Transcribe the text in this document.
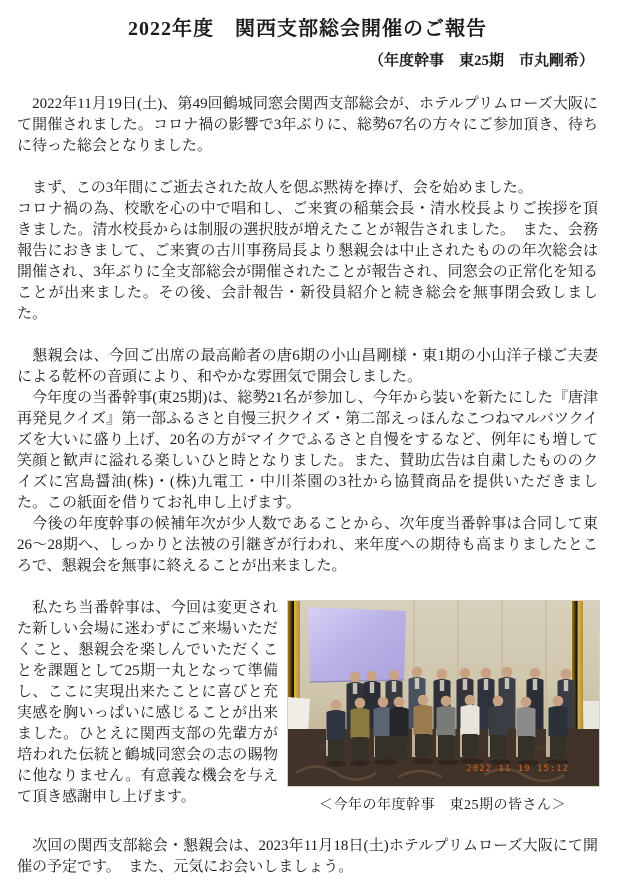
2022年度　関西支部総会開催のご報告
（年度幹事　東25期　市丸剛希）

　2022年11月19日(土)、第49回鶴城同窓会関西支部総会が、ホテルプリムローズ大阪にて開催されました。コロナ禍の影響で3年ぶりに、総勢67名の方々にご参加頂き、待ちに待った総会となりました。

　まず、この3年間にご逝去された故人を偲ぶ黙祷を捧げ、会を始めました。

コロナ禍の為、校歌を心の中で唱和し、ご来賓の稲葉会長・清水校長よりご挨拶を頂きました。清水校長からは制服の選択肢が増えたことが報告されました。　また、会務報告におきまして、ご来賓の古川事務局長より懇親会は中止されたものの年次総会は開催され、3年ぶりに全支部総会が開催されたことが報告され、同窓会の正常化を知ることが出来ました。その後、会計報告・新役員紹介と続き総会を無事閉会致しました。

　懇親会は、今回ご出席の最高齢者の唐6期の小山昌剛様・東1期の小山洋子様ご夫妻による乾杯の音頭により、和やかな雰囲気で開会しました。

　今年度の当番幹事(東25期)は、総勢21名が参加し、今年から装いを新たにした『唐津再発見クイズ』第一部ふるさと自慢三択クイズ・第二部えっほんなこつねマルバツクイズを大いに盛り上げ、20名の方がマイクでふるさと自慢をするなど、例年にも増して笑顔と歓声に溢れる楽しいひと時となりました。また、賛助広告は自粛したもののクイズに宮島醤油(株)・(株)九電工・中川茶園の3社から協賛商品を提供いただきました。この紙面を借りてお礼申し上げます。

　今後の年度幹事の候補年次が少人数であることから、次年度当番幹事は合同して東26～28期へ、しっかりと法被の引継ぎが行われ、来年度への期待も高まりましたところで、懇親会を無事に終えることが出来ました。

2022 11 19 15:12
＜今年の年度幹事　東25期の皆さん＞

　私たち当番幹事は、今回は変更された新しい会場に迷わずにご来場いただくこと、懇親会を楽しんでいただくことを課題として25期一丸となって準備し、ここに実現出来たことに喜びと充実感を胸いっぱいに感じることが出来ました。ひとえに関西支部の先輩方が培われた伝統と鶴城同窓会の志の賜物に他なりません。有意義な機会を与えて頂き感謝申し上げます。

　次回の関西支部総会・懇親会は、2023年11月18日(土)ホテルプリムローズ大阪にて開催の予定です。　また、元気にお会いしましょう。
